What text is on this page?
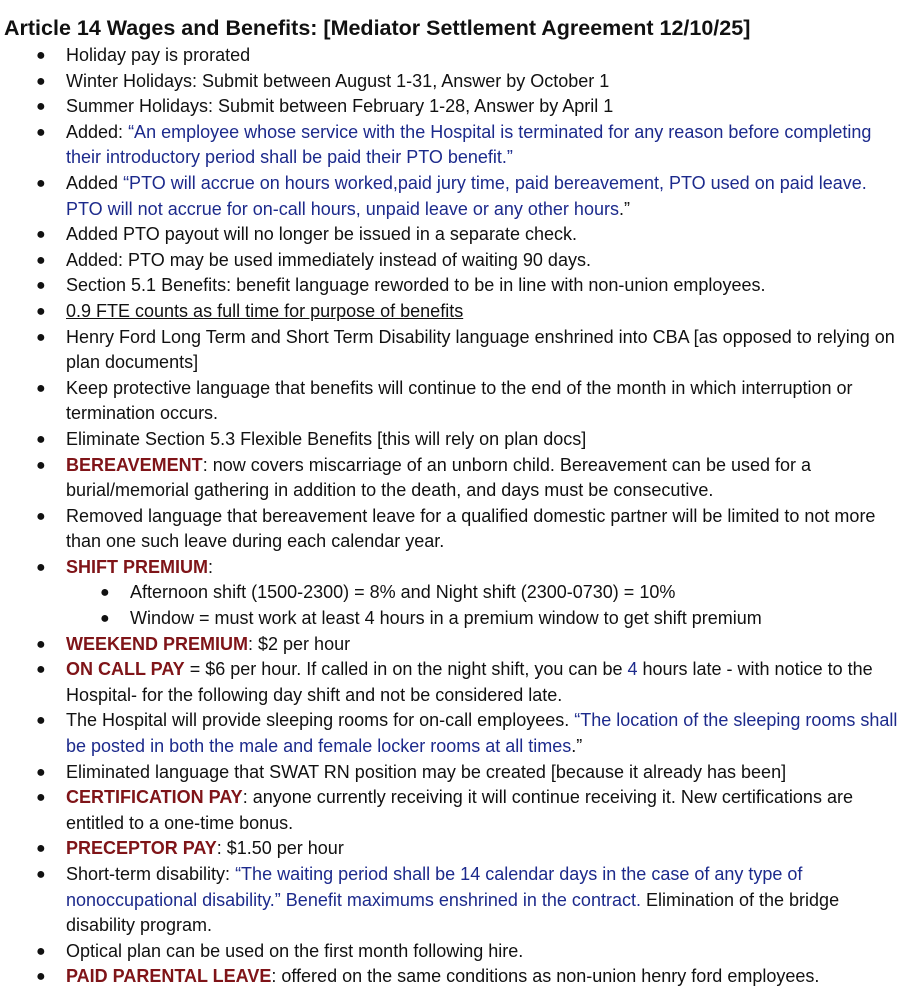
Article 14 Wages and Benefits: [Mediator Settlement Agreement 12/10/25]
● Holiday pay is prorated
● Winter Holidays: Submit between August 1-31, Answer by October 1
● Summer Holidays: Submit between February 1-28, Answer by April 1
● Added: “An employee whose service with the Hospital is terminated for any reason before completing their introductory period shall be paid their PTO benefit.”
● Added “PTO will accrue on hours worked,paid jury time, paid bereavement, PTO used on paid leave. PTO will not accrue for on-call hours, unpaid leave or any other hours.”
● Added PTO payout will no longer be issued in a separate check.
● Added: PTO may be used immediately instead of waiting 90 days.
● Section 5.1 Benefits: benefit language reworded to be in line with non-union employees.
● 0.9 FTE counts as full time for purpose of benefits
● Henry Ford Long Term and Short Term Disability language enshrined into CBA [as opposed to relying on plan documents]
● Keep protective language that benefits will continue to the end of the month in which interruption or termination occurs.
● Eliminate Section 5.3 Flexible Benefits [this will rely on plan docs]
● BEREAVEMENT: now covers miscarriage of an unborn child. Bereavement can be used for a burial/memorial gathering in addition to the death, and days must be consecutive.
● Removed language that bereavement leave for a qualified domestic partner will be limited to not more than one such leave during each calendar year.
● SHIFT PREMIUM:
● Afternoon shift (1500-2300) = 8% and Night shift (2300-0730) = 10%
● Window = must work at least 4 hours in a premium window to get shift premium
● WEEKEND PREMIUM: $2 per hour
● ON CALL PAY = $6 per hour. If called in on the night shift, you can be 4 hours late - with notice to the Hospital- for the following day shift and not be considered late.
● The Hospital will provide sleeping rooms for on-call employees. “The location of the sleeping rooms shall be posted in both the male and female locker rooms at all times.”
● Eliminated language that SWAT RN position may be created [because it already has been]
● CERTIFICATION PAY: anyone currently receiving it will continue receiving it. New certifications are entitled to a one-time bonus.
● PRECEPTOR PAY: $1.50 per hour
● Short-term disability: “The waiting period shall be 14 calendar days in the case of any type of nonoccupational disability.” Benefit maximums enshrined in the contract. Elimination of the bridge disability program.
● Optical plan can be used on the first month following hire.
● PAID PARENTAL LEAVE: offered on the same conditions as non-union henry ford employees.
